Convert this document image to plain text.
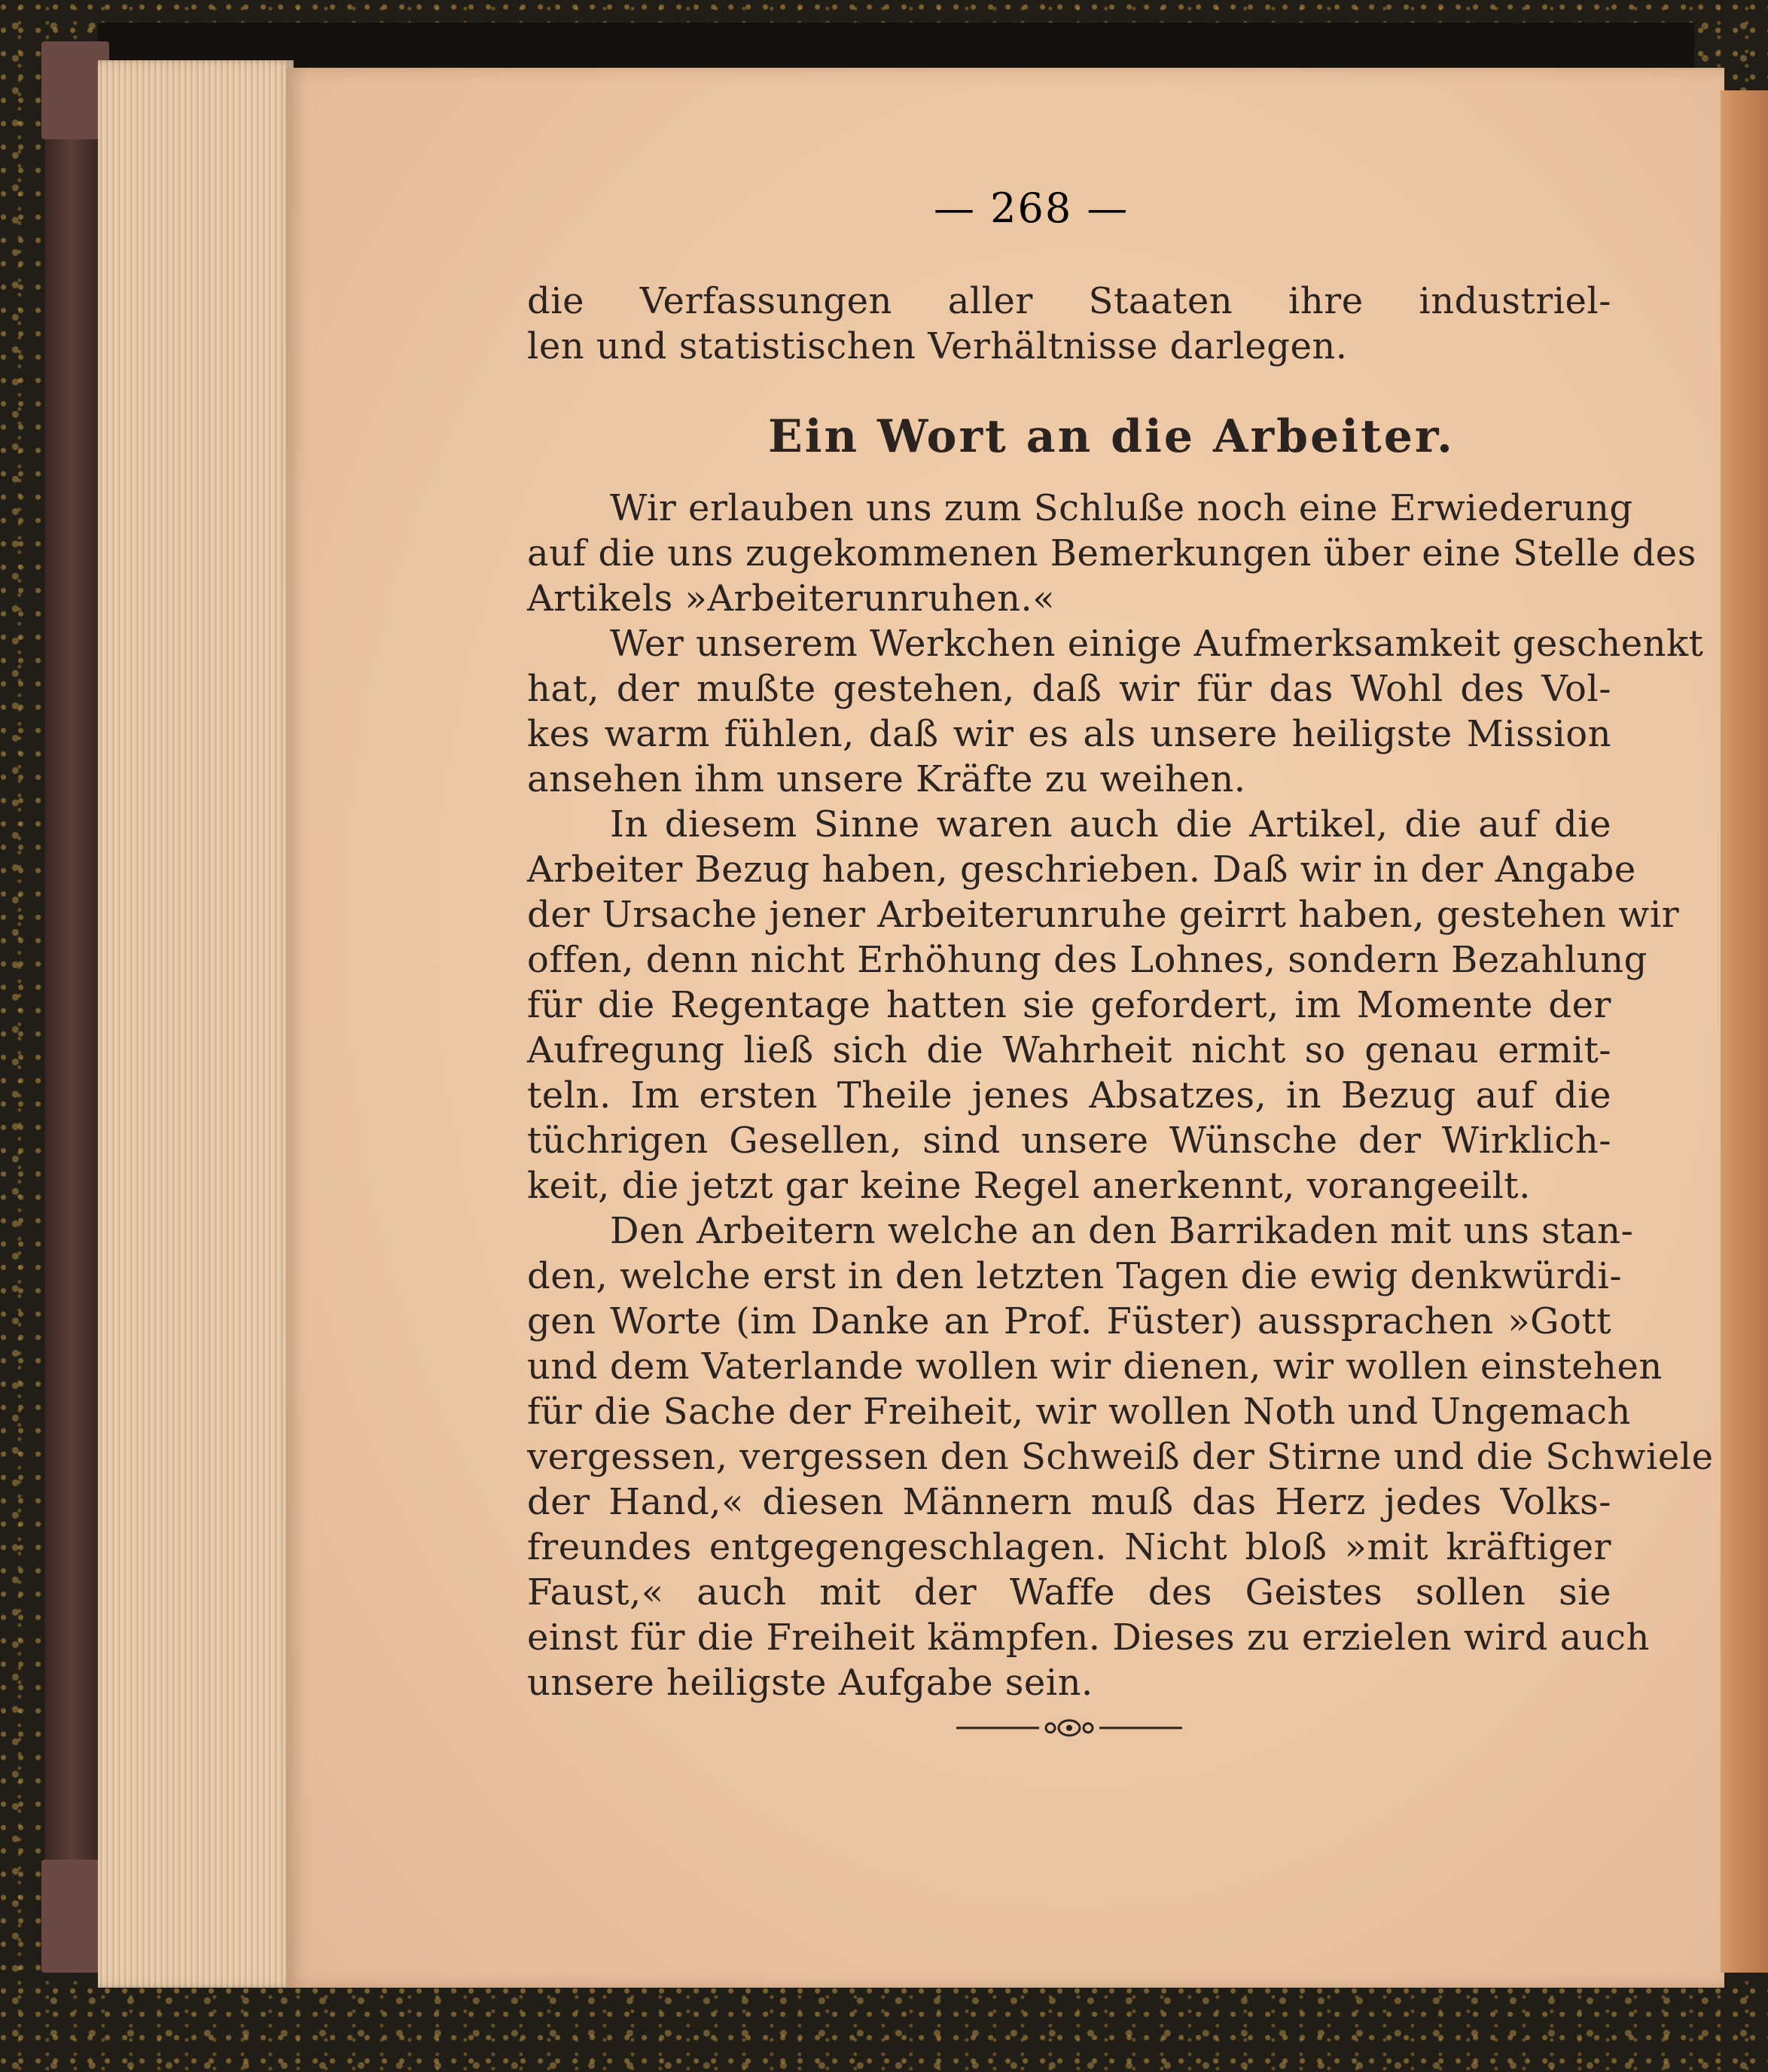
— 268 —
die Verfassungen aller Staaten ihre industriel-
len und statistischen Verhältnisse darlegen.
Ein Wort an die Arbeiter.
Wir erlauben uns zum Schluße noch eine Erwiederung
auf die uns zugekommenen Bemerkungen über eine Stelle des
Artikels »Arbeiterunruhen.«
Wer unserem Werkchen einige Aufmerksamkeit geschenkt
hat, der mußte gestehen, daß wir für das Wohl des Vol-
kes warm fühlen, daß wir es als unsere heiligste Mission
ansehen ihm unsere Kräfte zu weihen.
In diesem Sinne waren auch die Artikel, die auf die
Arbeiter Bezug haben, geschrieben. Daß wir in der Angabe
der Ursache jener Arbeiterunruhe geirrt haben, gestehen wir
offen, denn nicht Erhöhung des Lohnes, sondern Bezahlung
für die Regentage hatten sie gefordert, im Momente der
Aufregung ließ sich die Wahrheit nicht so genau ermit-
teln. Im ersten Theile jenes Absatzes, in Bezug auf die
tüchrigen Gesellen, sind unsere Wünsche der Wirklich-
keit, die jetzt gar keine Regel anerkennt, vorangeeilt.
Den Arbeitern welche an den Barrikaden mit uns stan-
den, welche erst in den letzten Tagen die ewig denkwürdi-
gen Worte (im Danke an Prof. Füster) aussprachen »Gott
und dem Vaterlande wollen wir dienen, wir wollen einstehen
für die Sache der Freiheit, wir wollen Noth und Ungemach
vergessen, vergessen den Schweiß der Stirne und die Schwiele
der Hand,« diesen Männern muß das Herz jedes Volks-
freundes entgegengeschlagen. Nicht bloß »mit kräftiger
Faust,« auch mit der Waffe des Geistes sollen sie
einst für die Freiheit kämpfen. Dieses zu erzielen wird auch
unsere heiligste Aufgabe sein.
